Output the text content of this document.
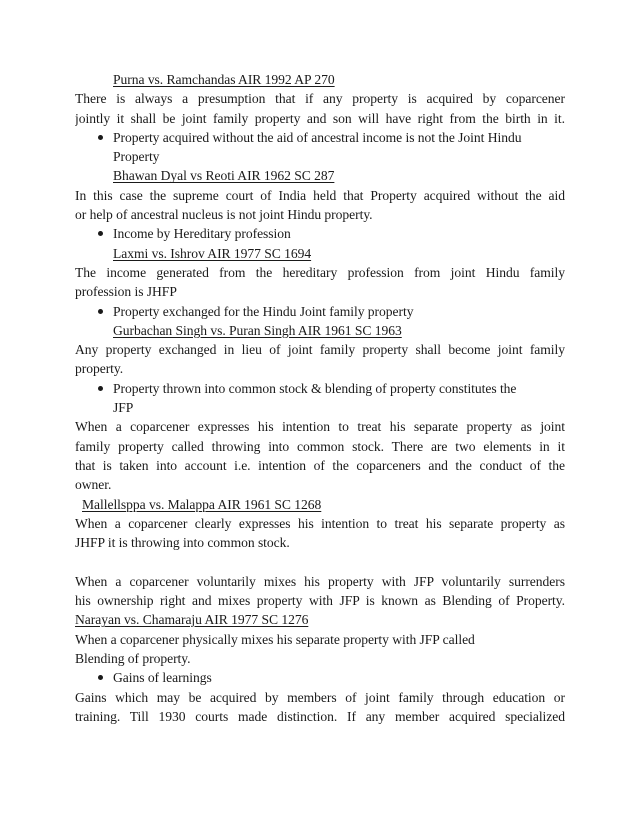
Purna vs. Ramchandas AIR 1992 AP 270
There is always a presumption that if any property is acquired by coparcener
jointly it shall be joint family property and son will have right from the birth in it.
Property acquired without the aid of ancestral income is not the Joint Hindu
Property
Bhawan Dyal vs Reoti AIR 1962 SC 287
In this case the supreme court of India held that Property acquired without the aid
or help of ancestral nucleus is not joint Hindu property.
Income by Hereditary profession
Laxmi vs. Ishrov AIR 1977 SC 1694
The income generated from the hereditary profession from joint Hindu family
profession is JHFP
Property exchanged for the Hindu Joint family property
Gurbachan Singh vs. Puran Singh AIR 1961 SC 1963
Any property exchanged in lieu of joint family property shall become joint family
property.
Property thrown into common stock & blending of property constitutes the
JFP
When a coparcener expresses his intention to treat his separate property as joint
family property called throwing into common stock. There are two elements in it
that is taken into account i.e. intention of the coparceners and the conduct of the
owner.
Mallellsppa vs. Malappa AIR 1961 SC 1268
When a coparcener clearly expresses his intention to treat his separate property as
JHFP it is throwing into common stock.
When a coparcener voluntarily mixes his property with JFP voluntarily surrenders
his ownership right and mixes property with JFP is known as Blending of Property.
Narayan vs. Chamaraju AIR 1977 SC 1276
When a coparcener physically mixes his separate property with JFP called
Blending of property.
Gains of learnings
Gains which may be acquired by members of joint family through education or
training. Till 1930 courts made distinction. If any member acquired specialized
